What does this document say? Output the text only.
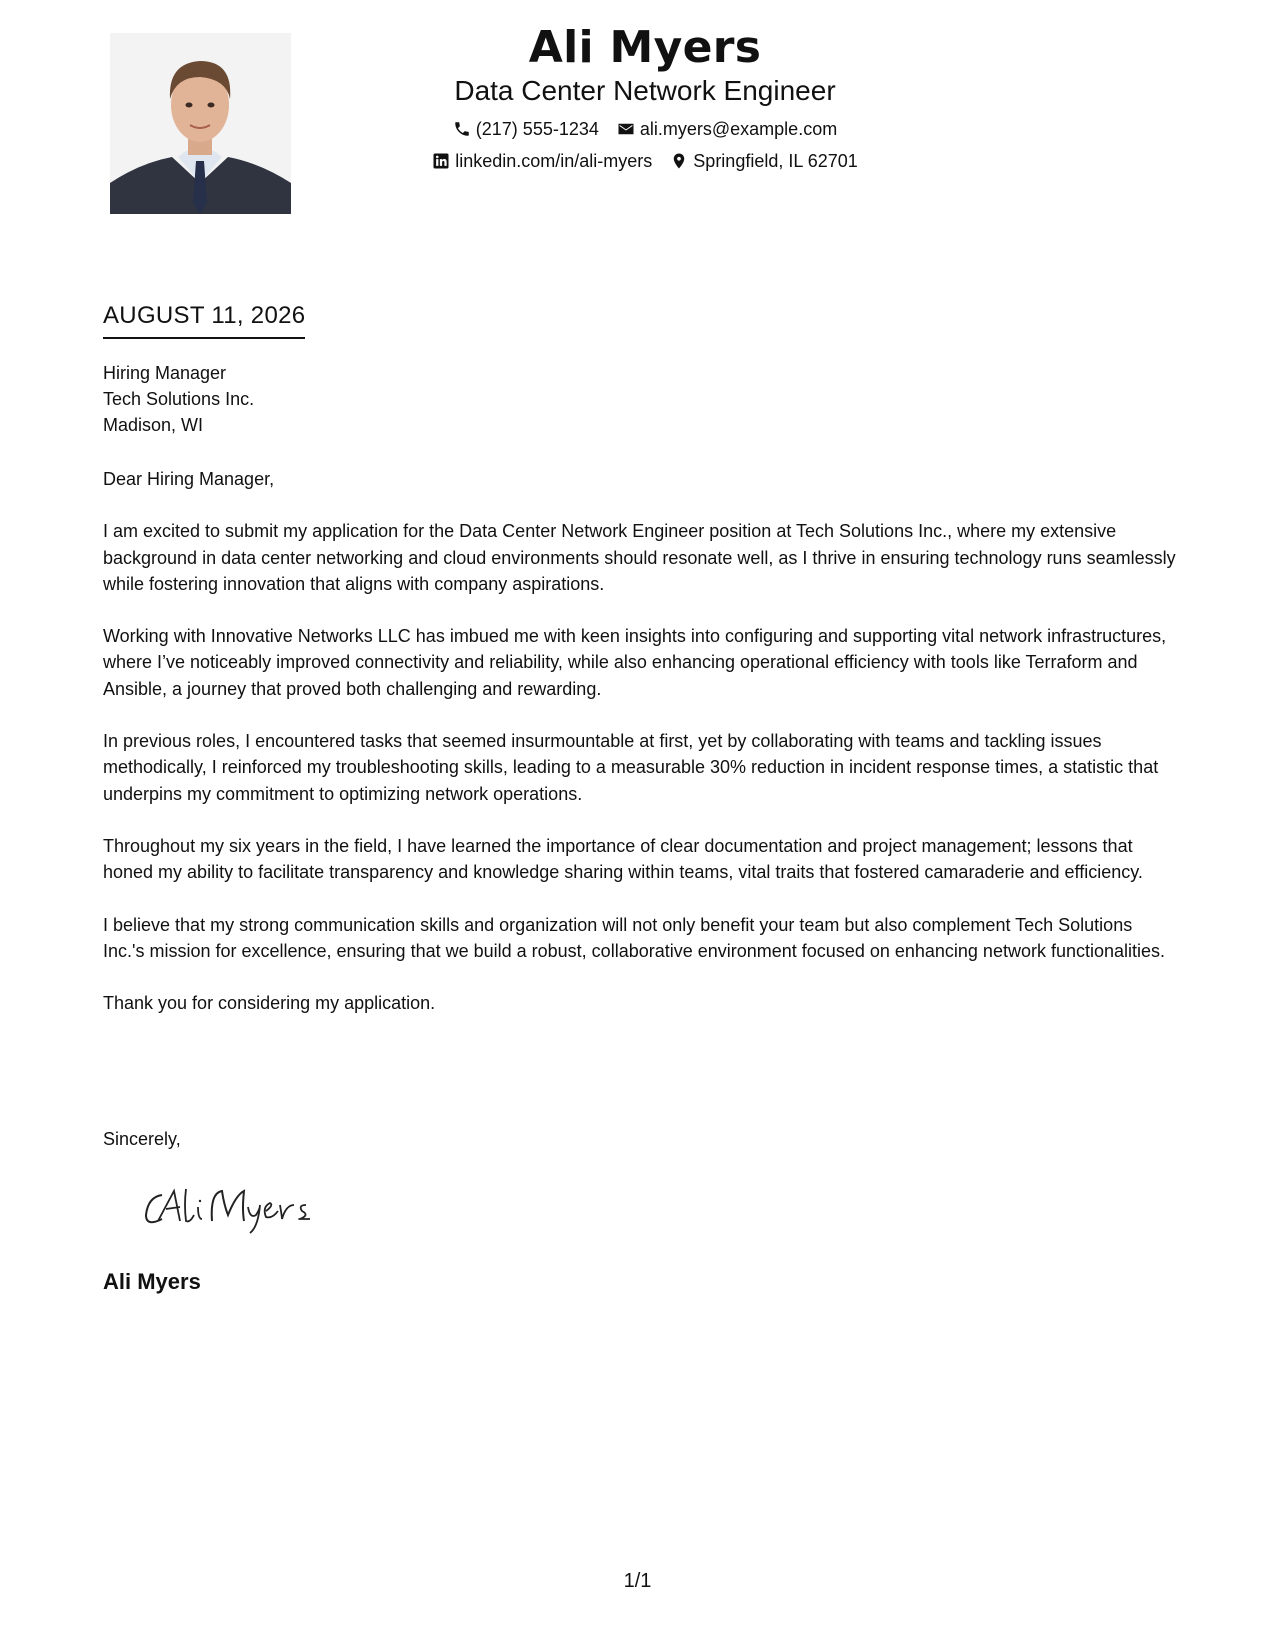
Ali Myers
Data Center Network Engineer
(217) 555-1234 ali.myers@example.com
linkedin.com/in/ali-myers Springfield, IL 62701
AUGUST 11, 2026
Hiring Manager
Tech Solutions Inc.
Madison, WI

Dear Hiring Manager,

I am excited to submit my application for the Data Center Network Engineer position at Tech Solutions Inc., where my extensive background in data center networking and cloud environments should resonate well, as I thrive in ensuring technology runs seamlessly while fostering innovation that aligns with company aspirations.

Working with Innovative Networks LLC has imbued me with keen insights into configuring and supporting vital network infrastructures, where I’ve noticeably improved connectivity and reliability, while also enhancing operational efficiency with tools like Terraform and Ansible, a journey that proved both challenging and rewarding.

In previous roles, I encountered tasks that seemed insurmountable at first, yet by collaborating with teams and tackling issues methodically, I reinforced my troubleshooting skills, leading to a measurable 30% reduction in incident response times, a statistic that underpins my commitment to optimizing network operations.

Throughout my six years in the field, I have learned the importance of clear documentation and project management; lessons that honed my ability to facilitate transparency and knowledge sharing within teams, vital traits that fostered camaraderie and efficiency.

I believe that my strong communication skills and organization will not only benefit your team but also complement Tech Solutions Inc.'s mission for excellence, ensuring that we build a robust, collaborative environment focused on enhancing network functionalities.

Thank you for considering my application.

Sincerely,
Ali Myers
1/1
